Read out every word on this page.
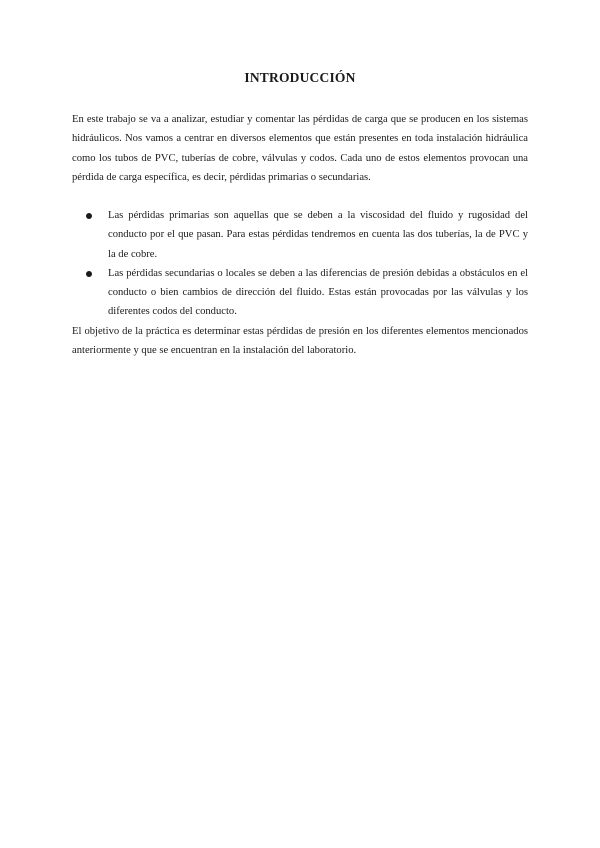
INTRODUCCIÓN

En este trabajo se va a analizar, estudiar y comentar las pérdidas de carga que se producen en los sistemas hidráulicos. Nos vamos a centrar en diversos elementos que están presentes en toda instalación hidráulica como los tubos de PVC, tuberías de cobre, válvulas y codos. Cada uno de estos elementos provocan una pérdida de carga específica, es decir, pérdidas primarias o secundarias.

Las pérdidas primarias son aquellas que se deben a la viscosidad del fluido y rugosidad del conducto por el que pasan. Para estas pérdidas tendremos en cuenta las dos tuberías, la de PVC y la de cobre.
Las pérdidas secundarias o locales se deben a las diferencias de presión debidas a obstáculos en el conducto o bien cambios de dirección del fluido. Estas están provocadas por las válvulas y los diferentes codos del conducto.

El objetivo de la práctica es determinar estas pérdidas de presión en los diferentes elementos mencionados anteriormente y que se encuentran en la instalación del laboratorio.
